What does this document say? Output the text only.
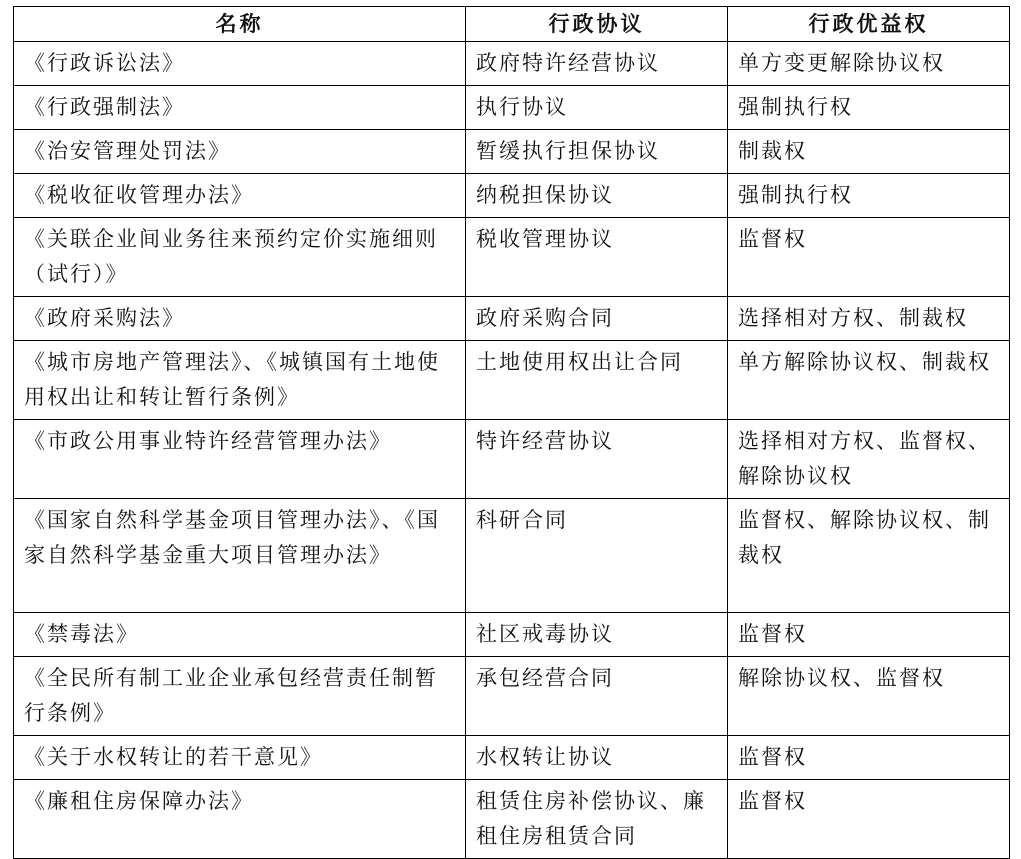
名称	行政协议	行政优益权
《行政诉讼法》	政府特许经营协议	单方变更解除协议权
《行政强制法》	执行协议	强制执行权
《治安管理处罚法》	暂缓执行担保协议	制裁权
《税收征收管理办法》	纳税担保协议	强制执行权
《关联企业间业务往来预约定价实施细则（试行）》	税收管理协议	监督权
《政府采购法》	政府采购合同	选择相对方权、制裁权
《城市房地产管理法》、《城镇国有土地使用权出让和转让暂行条例》	土地使用权出让合同	单方解除协议权、制裁权
《市政公用事业特许经营管理办法》	特许经营协议	选择相对方权、监督权、解除协议权
《国家自然科学基金项目管理办法》、《国家自然科学基金重大项目管理办法》	科研合同	监督权、解除协议权、制裁权
《禁毒法》	社区戒毒协议	监督权
《全民所有制工业企业承包经营责任制暂行条例》	承包经营合同	解除协议权、监督权
《关于水权转让的若干意见》	水权转让协议	监督权
《廉租住房保障办法》	租赁住房补偿协议、廉租住房租赁合同	监督权
